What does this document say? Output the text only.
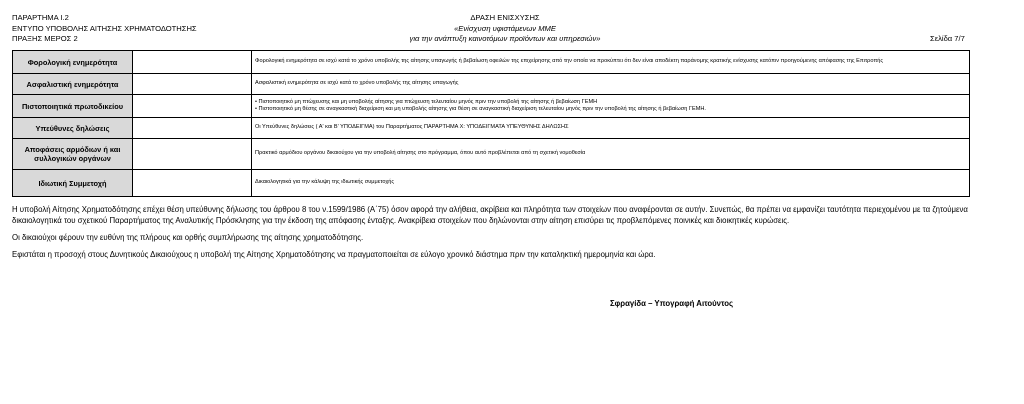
ΠΑΡΑΡΤΗΜΑ Ι.2
ΕΝΤΥΠΟ ΥΠΟΒΟΛΗΣ ΑΙΤΗΣΗΣ ΧΡΗΜΑΤΟΔΟΤΗΣΗΣ
ΠΡΑΞΗΣ ΜΕΡΟΣ 2
ΔΡΑΣΗ ΕΝΙΣΧΥΣΗΣ
«Ενίσχυση υφιστάμενων ΜΜΕ
για την ανάπτυξη καινοτόμων προϊόντων και υπηρεσιών»	Σελίδα 7/7
Φορολογική ενημερότητα		Φορολογική ενημερότητα σε ισχύ κατά το χρόνο υποβολής της αίτησης υπαγωγής ή βεβαίωση οφειλών της επιχείρησης από την οποία να προκύπτει ότι δεν είναι αποδέκτη παράνομης κρατικής ενίσχυσης κατόπιν προηγούμενης απόφασης της Επιτροπής
Ασφαλιστική ενημερότητα		Ασφαλιστική ενημερότητα σε ισχύ κατά το χρόνο υποβολής της αίτησης υπαγωγής
Πιστοποιητικά πρωτοδικείου		• Πιστοποιητικό μη πτώχευσης και μη υποβολής αίτησης για πτώχευση τελευταίου μηνός πριν την υποβολή της αίτησης ή βεβαίωση ΓΕΜΗ
• Πιστοποιητικό μη θέσης σε αναγκαστική διαχείριση και μη υποβολής αίτησης για θέση σε αναγκαστική διαχείριση τελευταίου μηνός πριν την υποβολή της αίτησης ή βεβαίωση ΓΕΜΗ.

Υπεύθυνες δηλώσεις		Οι Υπεύθυνες δηλώσεις ( Α' και Β' ΥΠΟΔΕΙΓΜΑ) του Παραρτήματος ΠΑΡΑΡΤΗΜΑ Χ: ΥΠΟΔΕΙΓΜΑΤΑ ΥΠΕΥΘΥΝΗΣ ΔΗΛΩΣΗΣ
Αποφάσεις αρμόδιων ή και συλλογικών οργάνων		Πρακτικό αρμόδιου οργάνου δικαιούχου για την υποβολή αίτησης στο πρόγραμμα, όπου αυτό προβλέπεται από τη σχετική νομοθεσία
Ιδιωτική Συμμετοχή		Δικαιολογητικά για την κάλυψη της ιδιωτικής συμμετοχής

Η υποβολή Αίτησης Χρηματοδότησης επέχει θέση υπεύθυνης δήλωσης του άρθρου 8 του ν.1599/1986 (Α΄75) όσον αφορά την αλήθεια, ακρίβεια και πληρότητα των στοιχείων που αναφέρονται σε αυτήν. Συνεπώς, θα πρέπει να εμφανίζει ταυτότητα περιεχομένου με τα ζητούμενα δικαιολογητικά του σχετικού Παραρτήματος της Αναλυτικής Πρόσκλησης για την έκδοση της απόφασης ένταξης. Ανακρίβεια στοιχείων που δηλώνονται στην αίτηση επισύρει τις προβλεπόμενες ποινικές και διοικητικές κυρώσεις.

Οι δικαιούχοι φέρουν την ευθύνη της πλήρους και ορθής συμπλήρωσης της αίτησης χρηματοδότησης.

Εφιστάται η προσοχή στους Δυνητικούς Δικαιούχους η υποβολή της Αίτησης Χρηματοδότησης να πραγματοποιείται σε εύλογο χρονικό διάστημα πριν την καταληκτική ημερομηνία και ώρα.

Σφραγίδα – Υπογραφή Αιτούντος
